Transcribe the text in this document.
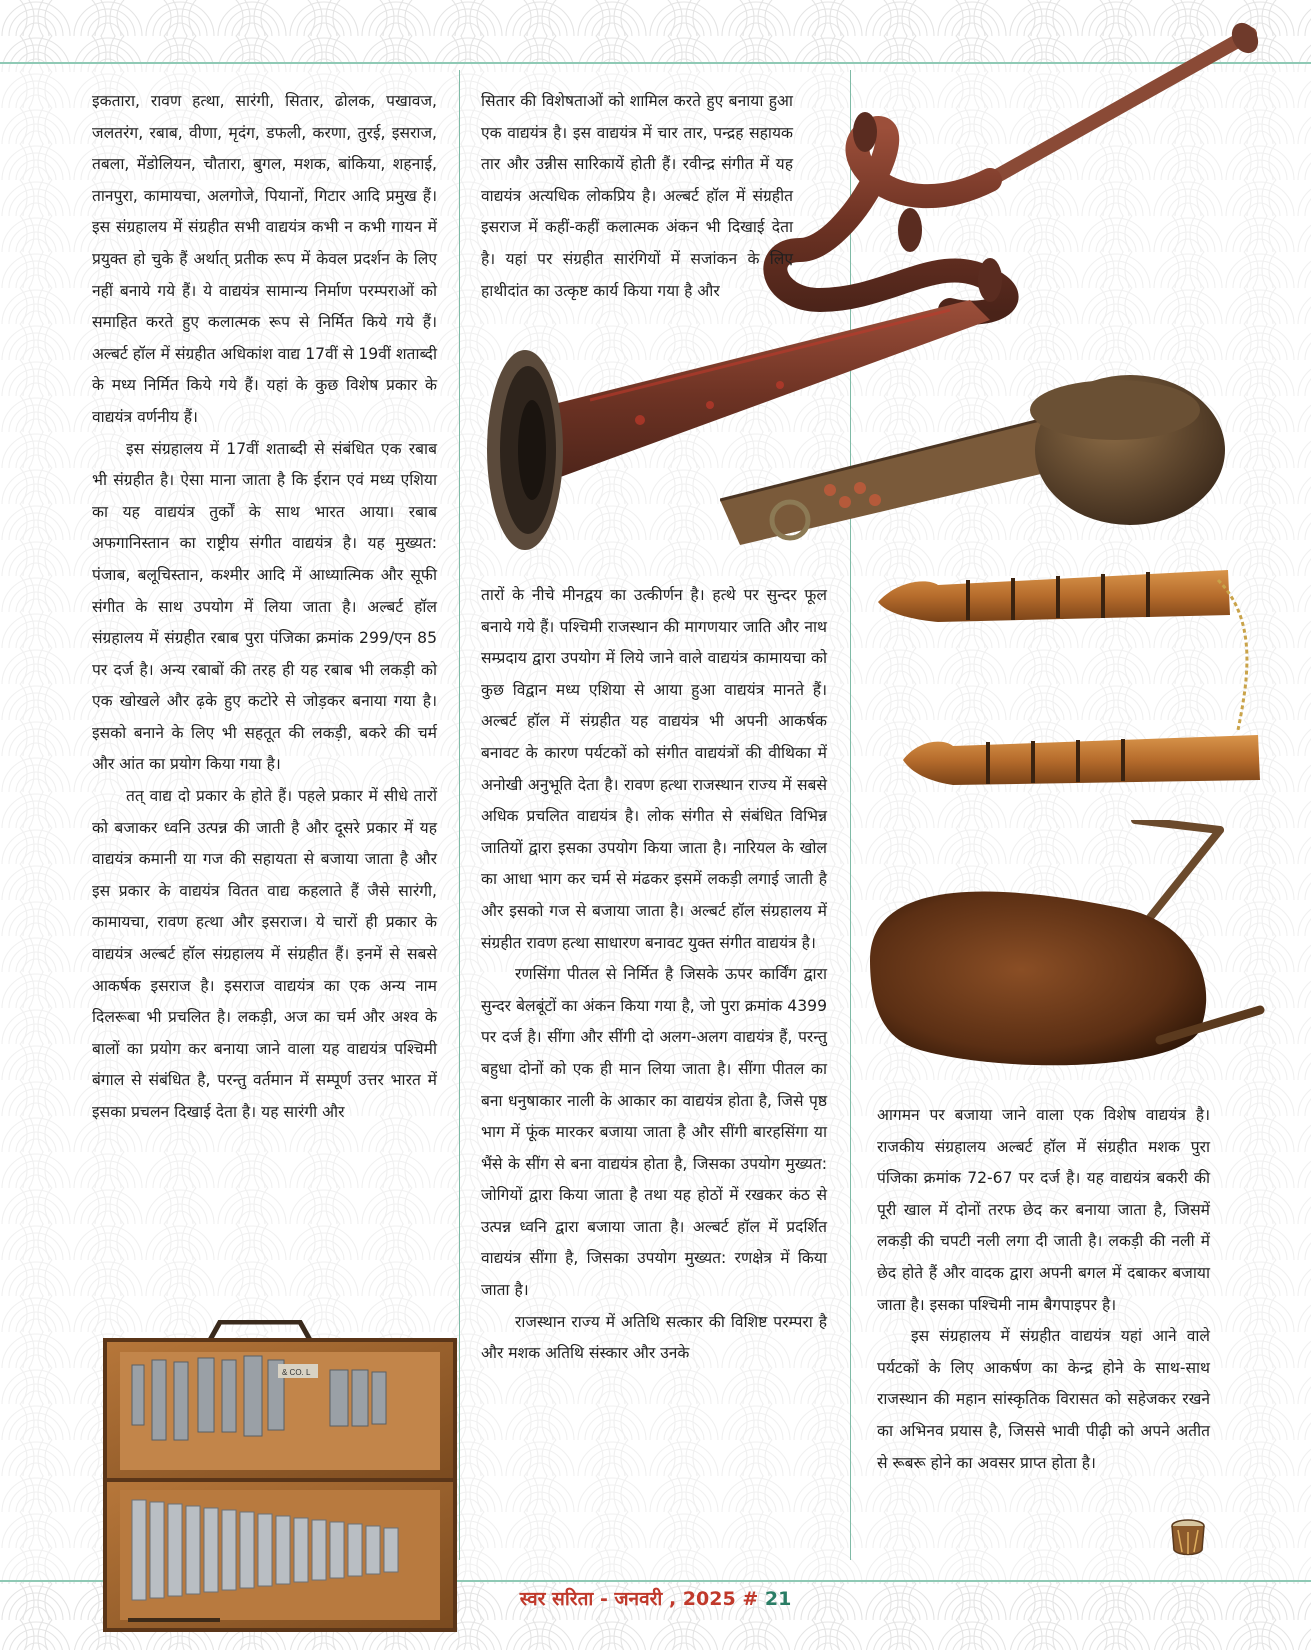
& CO. L

इकतारा, रावण हत्था, सारंगी, सितार, ढोलक, पखावज, जलतरंग, रबाब, वीणा, मृदंग, डफली, करणा, तुरई, इसराज, तबला, मेंडोलियन, चौतारा, बुगल, मशक, बांकिया, शहनाई, तानपुरा, कामायचा, अलगोजे, पियानों, गिटार आदि प्रमुख हैं। इस संग्रहालय में संग्रहीत सभी वाद्ययंत्र कभी न कभी गायन में प्रयुक्त हो चुके हैं अर्थात् प्रतीक रूप में केवल प्रदर्शन के लिए नहीं बनाये गये हैं। ये वाद्ययंत्र सामान्य निर्माण परम्पराओं को समाहित करते हुए कलात्मक रूप से निर्मित किये गये हैं। अल्बर्ट हॉल में संग्रहीत अधिकांश वाद्य 17वीं से 19वीं शताब्दी के मध्य निर्मित किये गये हैं। यहां के कुछ विशेष प्रकार के वाद्ययंत्र वर्णनीय हैं।

इस संग्रहालय में 17वीं शताब्दी से संबंधित एक रबाब भी संग्रहीत है। ऐसा माना जाता है कि ईरान एवं मध्य एशिया का यह वाद्ययंत्र तुर्कों के साथ भारत आया। रबाब अफगानिस्तान का राष्ट्रीय संगीत वाद्ययंत्र है। यह मुख्यत: पंजाब, बलूचिस्तान, कश्मीर आदि में आध्यात्मिक और सूफी संगीत के साथ उपयोग में लिया जाता है। अल्बर्ट हॉल संग्रहालय में संग्रहीत रबाब पुरा पंजिका क्रमांक 299/एन 85 पर दर्ज है। अन्य रबाबों की तरह ही यह रबाब भी लकड़ी को एक खोखले और ढ़के हुए कटोरे से जोड़कर बनाया गया है। इसको बनाने के लिए भी सहतूत की लकड़ी, बकरे की चर्म और आंत का प्रयोग किया गया है।

तत् वाद्य दो प्रकार के होते हैं। पहले प्रकार में सीधे तारों को बजाकर ध्वनि उत्पन्न की जाती है और दूसरे प्रकार में यह वाद्ययंत्र कमानी या गज की सहायता से बजाया जाता है और इस प्रकार के वाद्ययंत्र वितत वाद्य कहलाते हैं जैसे सारंगी, कामायचा, रावण हत्था और इसराज। ये चारों ही प्रकार के वाद्ययंत्र अल्बर्ट हॉल संग्रहालय में संग्रहीत हैं। इनमें से सबसे आकर्षक इसराज है। इसराज वाद्ययंत्र का एक अन्य नाम दिलरूबा भी प्रचलित है। लकड़ी, अज का चर्म और अश्व के बालों का प्रयोग कर बनाया जाने वाला यह वाद्ययंत्र पश्चिमी बंगाल से संबंधित है, परन्तु वर्तमान में सम्पूर्ण उत्तर भारत में इसका प्रचलन दिखाई देता है। यह सारंगी और

सितार की विशेषताओं को शामिल करते हुए बनाया हुआ एक वाद्ययंत्र है। इस वाद्ययंत्र में चार तार, पन्द्रह सहायक तार और उन्नीस सारिकायें होती हैं। रवीन्द्र संगीत में यह वाद्ययंत्र अत्यधिक लोकप्रिय है। अल्बर्ट हॉल में संग्रहीत इसराज में कहीं-कहीं कलात्मक अंकन भी दिखाई देता है। यहां पर संग्रहीत सारंगियों में सजांकन के लिए हाथीदांत का उत्कृष्ट कार्य किया गया है और

तारों के नीचे मीनद्वय का उत्कीर्णन है। हत्थे पर सुन्दर फूल बनाये गये हैं। पश्चिमी राजस्थान की मागणयार जाति और नाथ सम्प्रदाय द्वारा उपयोग में लिये जाने वाले वाद्ययंत्र कामायचा को कुछ विद्वान मध्य एशिया से आया हुआ वाद्ययंत्र मानते हैं। अल्बर्ट हॉल में संग्रहीत यह वाद्ययंत्र भी अपनी आकर्षक बनावट के कारण पर्यटकों को संगीत वाद्ययंत्रों की वीथिका में अनोखी अनुभूति देता है। रावण हत्था राजस्थान राज्य में सबसे अधिक प्रचलित वाद्ययंत्र है। लोक संगीत से संबंधित विभिन्न जातियों द्वारा इसका उपयोग किया जाता है। नारियल के खोल का आधा भाग कर चर्म से मंढकर इसमें लकड़ी लगाई जाती है और इसको गज से बजाया जाता है। अल्बर्ट हॉल संग्रहालय में संग्रहीत रावण हत्था साधारण बनावट युक्त संगीत वाद्ययंत्र है।

रणसिंगा पीतल से निर्मित है जिसके ऊपर कार्विंग द्वारा सुन्दर बेलबूंटों का अंकन किया गया है, जो पुरा क्रमांक 4399 पर दर्ज है। सींगा और सींगी दो अलग-अलग वाद्ययंत्र हैं, परन्तु बहुधा दोनों को एक ही मान लिया जाता है। सींगा पीतल का बना धनुषाकार नाली के आकार का वाद्ययंत्र होता है, जिसे पृष्ठ भाग में फूंक मारकर बजाया जाता है और सींगी बारहसिंगा या भैंसे के सींग से बना वाद्ययंत्र होता है, जिसका उपयोग मुख्यत: जोगियों द्वारा किया जाता है तथा यह होठों में रखकर कंठ से उत्पन्न ध्वनि द्वारा बजाया जाता है। अल्बर्ट हॉल में प्रदर्शित वाद्ययंत्र सींगा है, जिसका उपयोग मुख्यत: रणक्षेत्र में किया जाता है।

राजस्थान राज्य में अतिथि सत्कार की विशिष्ट परम्परा है और मशक अतिथि संस्कार और उनके

आगमन पर बजाया जाने वाला एक विशेष वाद्ययंत्र है। राजकीय संग्रहालय अल्बर्ट हॉल में संग्रहीत मशक पुरा पंजिका क्रमांक 72-67 पर दर्ज है। यह वाद्ययंत्र बकरी की पूरी खाल में दोनों तरफ छेद कर बनाया जाता है, जिसमें लकड़ी की चपटी नली लगा दी जाती है। लकड़ी की नली में छेद होते हैं और वादक द्वारा अपनी बगल में दबाकर बजाया जाता है। इसका पश्चिमी नाम बैगपाइपर है।

इस संग्रहालय में संग्रहीत वाद्ययंत्र यहां आने वाले पर्यटकों के लिए आकर्षण का केन्द्र होने के साथ-साथ राजस्थान की महान सांस्कृतिक विरासत को सहेजकर रखने का अभिनव प्रयास है, जिससे भावी पीढ़ी को अपने अतीत से रूबरू होने का अवसर प्राप्त होता है।

स्वर सरिता - जनवरी , 2025 # 21
